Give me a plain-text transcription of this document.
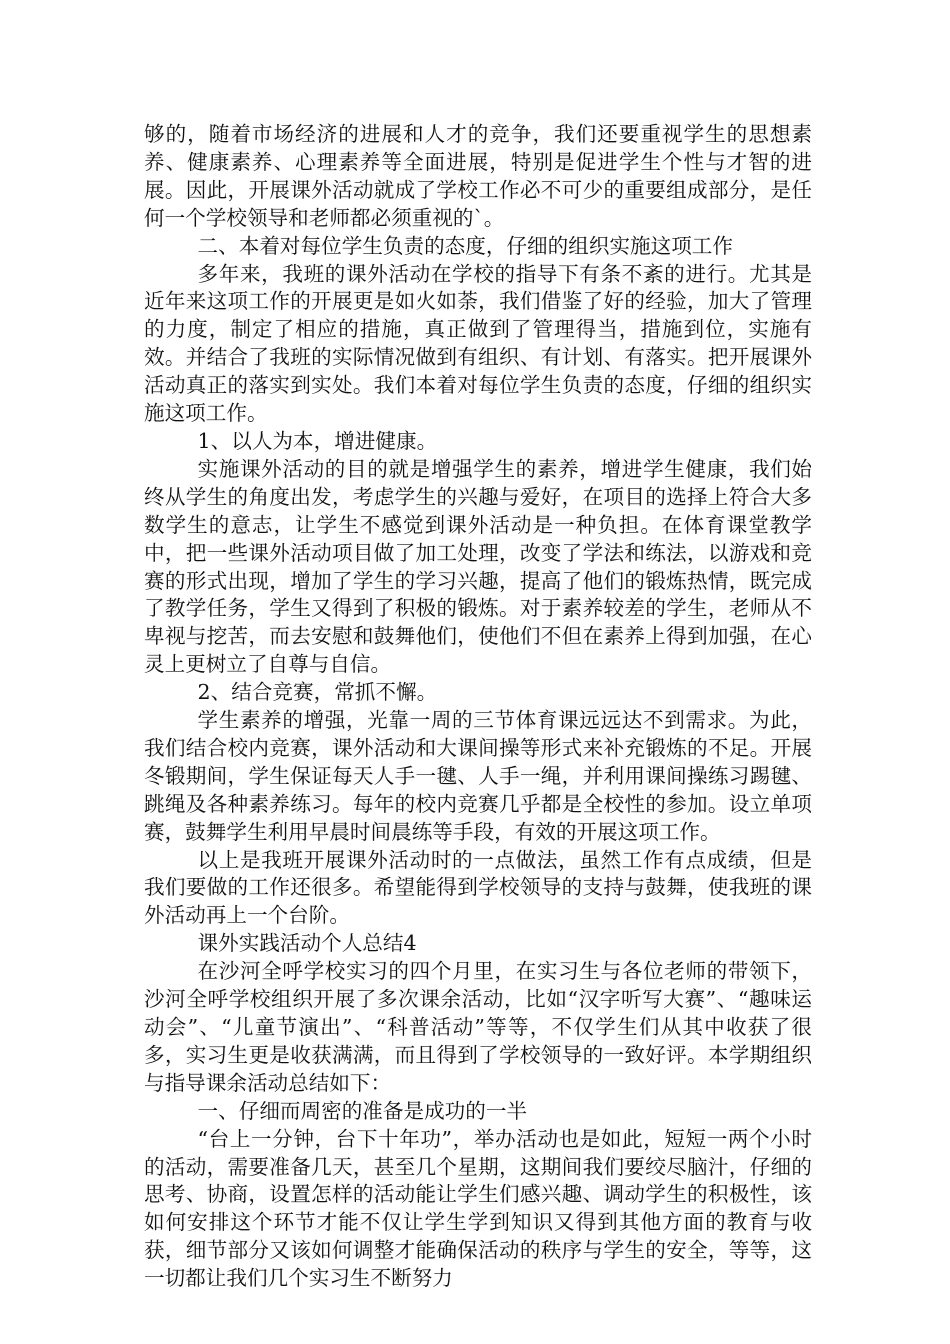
够的，随着市场经济的进展和人才的竞争，我们还要重视学生的思想素养、健康素养、心理素养等全面进展，特别是促进学生个性与才智的进展。因此，开展课外活动就成了学校工作必不可少的重要组成部分，是任何一个学校领导和老师都必须重视的`。

二、本着对每位学生负责的态度，仔细的组织实施这项工作

多年来，我班的课外活动在学校的指导下有条不紊的进行。尤其是近年来这项工作的开展更是如火如荼，我们借鉴了好的经验，加大了管理的力度，制定了相应的措施，真正做到了管理得当，措施到位，实施有效。并结合了我班的实际情况做到有组织、有计划、有落实。把开展课外活动真正的落实到实处。我们本着对每位学生负责的态度，仔细的组织实施这项工作。

1、以人为本，增进健康。

实施课外活动的目的就是增强学生的素养，增进学生健康，我们始终从学生的角度出发，考虑学生的兴趣与爱好，在项目的选择上符合大多数学生的意志，让学生不感觉到课外活动是一种负担。在体育课堂教学中，把一些课外活动项目做了加工处理，改变了学法和练法，以游戏和竞赛的形式出现，增加了学生的学习兴趣，提高了他们的锻炼热情，既完成了教学任务，学生又得到了积极的锻炼。对于素养较差的学生，老师从不卑视与挖苦，而去安慰和鼓舞他们，使他们不但在素养上得到加强，在心灵上更树立了自尊与自信。

2、结合竞赛，常抓不懈。

学生素养的增强，光靠一周的三节体育课远远达不到需求。为此，我们结合校内竞赛，课外活动和大课间操等形式来补充锻炼的不足。开展冬锻期间，学生保证每天人手一毽、人手一绳，并利用课间操练习踢毽、跳绳及各种素养练习。每年的校内竞赛几乎都是全校性的参加。设立单项赛，鼓舞学生利用早晨时间晨练等手段，有效的开展这项工作。

以上是我班开展课外活动时的一点做法，虽然工作有点成绩，但是我们要做的工作还很多。希望能得到学校领导的支持与鼓舞，使我班的课外活动再上一个台阶。

课外实践活动个人总结4

在沙河全呼学校实习的四个月里，在实习生与各位老师的带领下，沙河全呼学校组织开展了多次课余活动，比如“汉字听写大赛”、“趣味运动会”、“儿童节演出”、“科普活动”等等，不仅学生们从其中收获了很多，实习生更是收获满满，而且得到了学校领导的一致好评。本学期组织与指导课余活动总结如下：

一、仔细而周密的准备是成功的一半

“台上一分钟，台下十年功”，举办活动也是如此，短短一两个小时的活动，需要准备几天，甚至几个星期，这期间我们要绞尽脑汁，仔细的思考、协商，设置怎样的活动能让学生们感兴趣、调动学生的积极性，该如何安排这个环节才能不仅让学生学到知识又得到其他方面的教育与收获，细节部分又该如何调整才能确保活动的秩序与学生的安全，等等，这一切都让我们几个实习生不断努力
